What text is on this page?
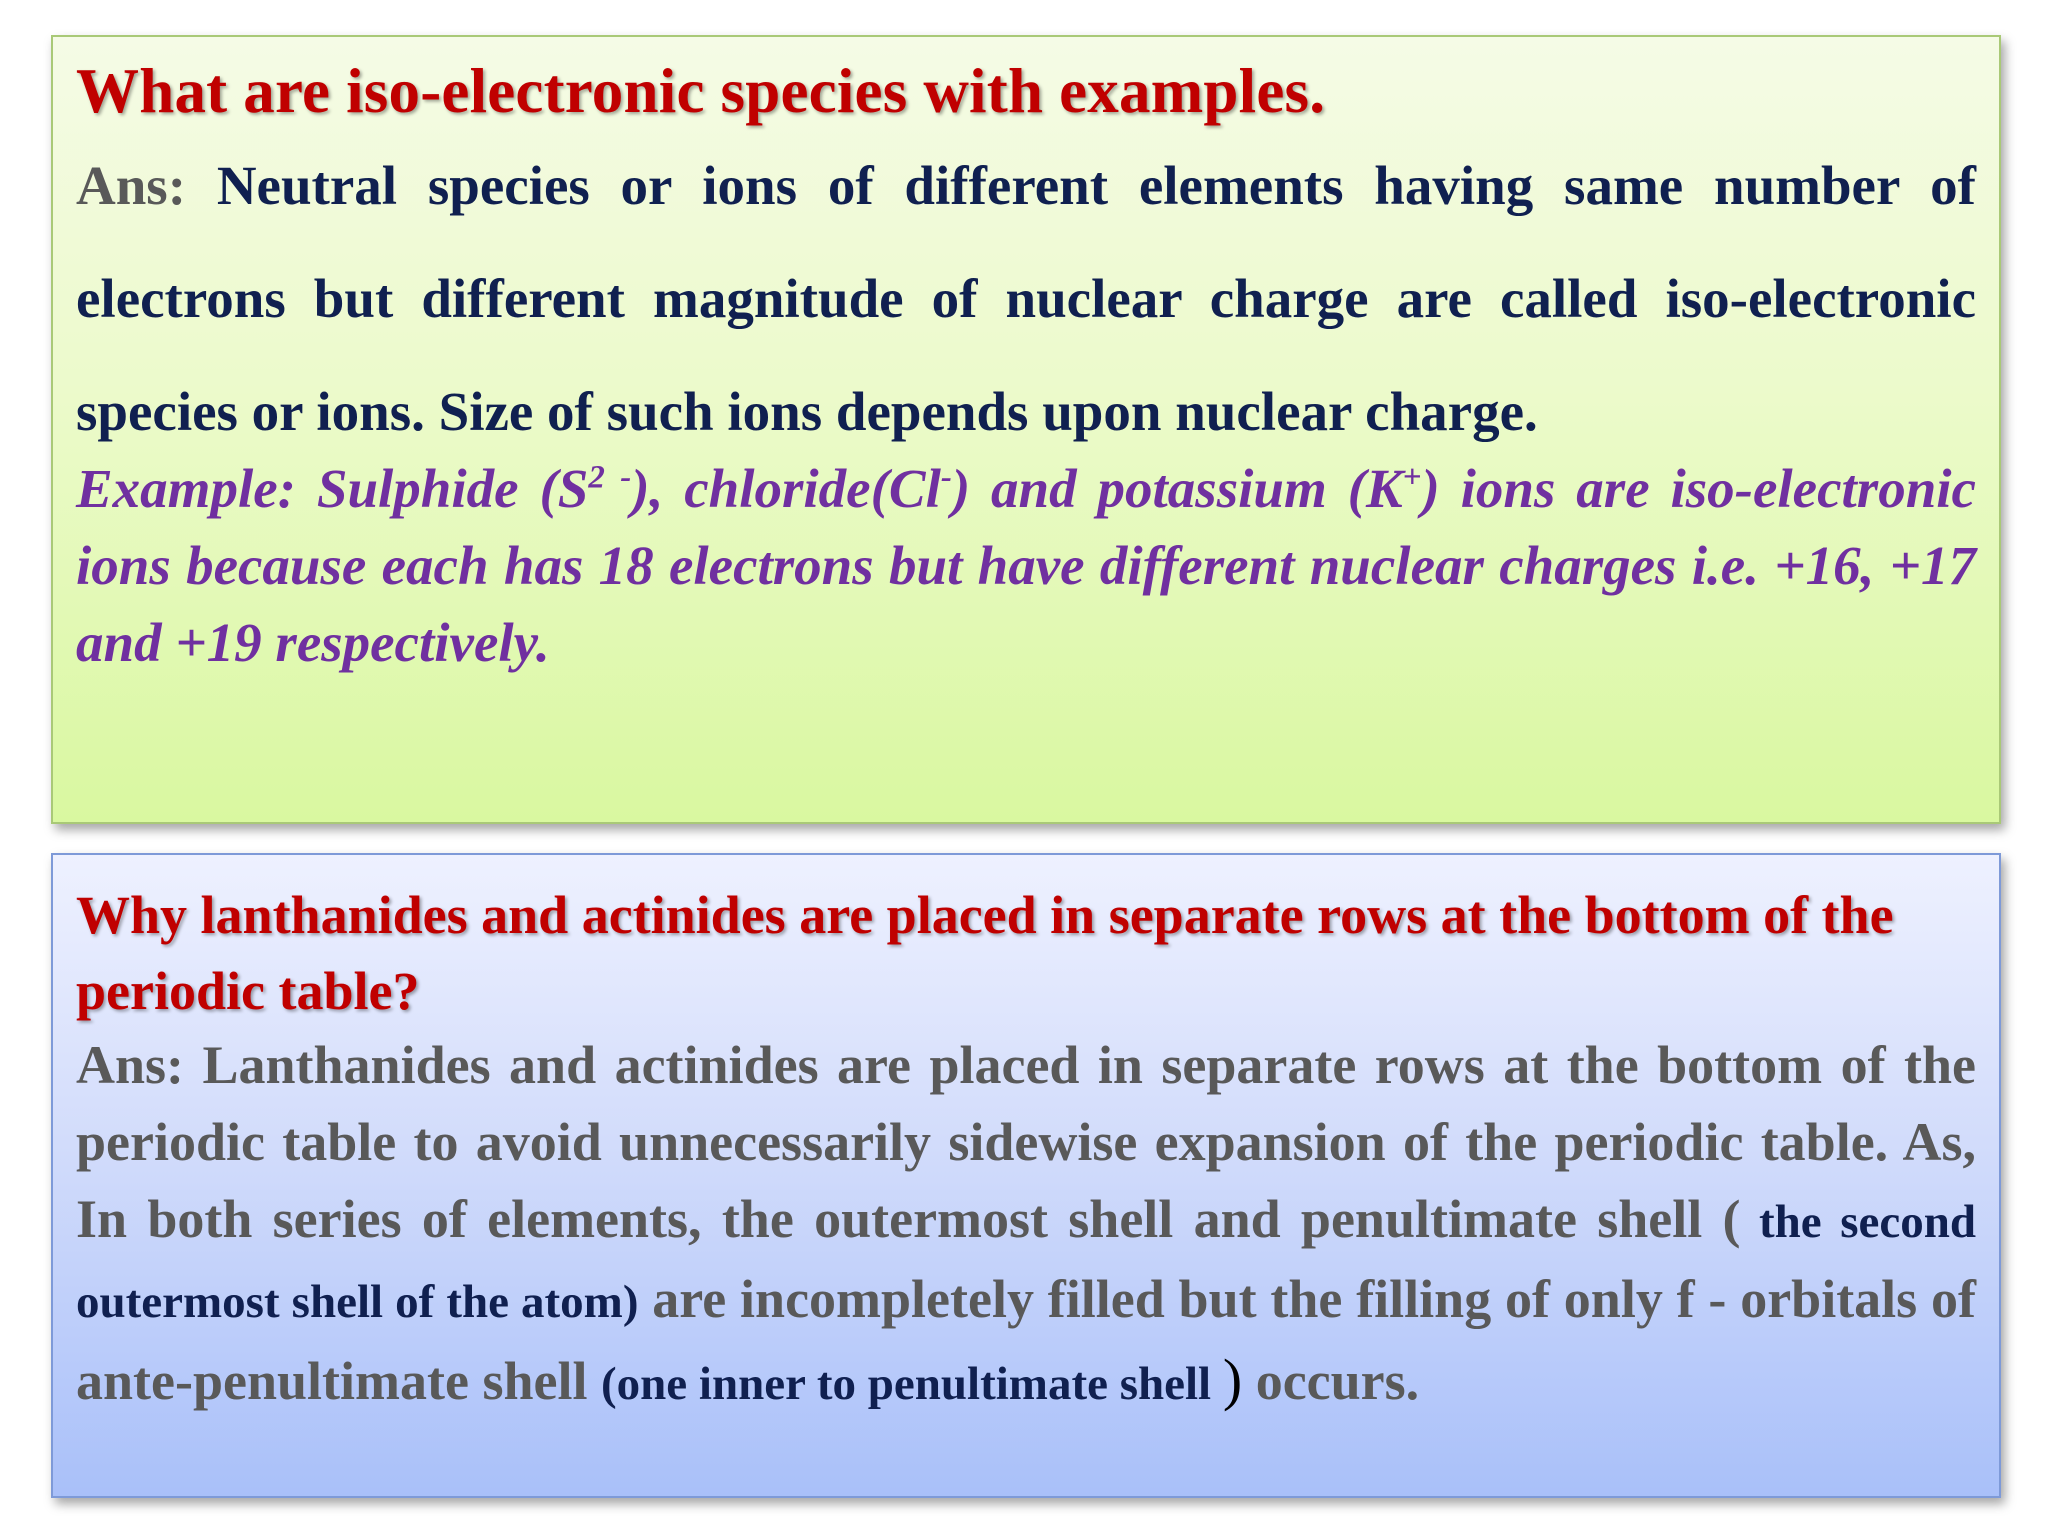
What are iso-electronic species with examples.

Ans: Neutral species or ions of different elements having same number of electrons but different magnitude of nuclear charge are called iso-electronic species or ions. Size of such ions depends upon nuclear charge.

Example: Sulphide $(S^{2 -})$, chloride(Cl-) and potassium (K+) ions are iso-electronic ions because each has 18 electrons but have different nuclear charges i.e. +16, +17 and +19 respectively.

Why lanthanides and actinides are placed in separate rows at the bottom of the periodic table?

Ans: Lanthanides and actinides are placed in separate rows at the bottom of the periodic table to avoid unnecessarily sidewise expansion of the periodic table. As, In both series of elements, the outermost shell and penultimate shell ( the second outermost shell of the atom) are incompletely filled but the filling of only f - orbitals of ante-penultimate shell (one inner to penultimate shell ) occurs.
